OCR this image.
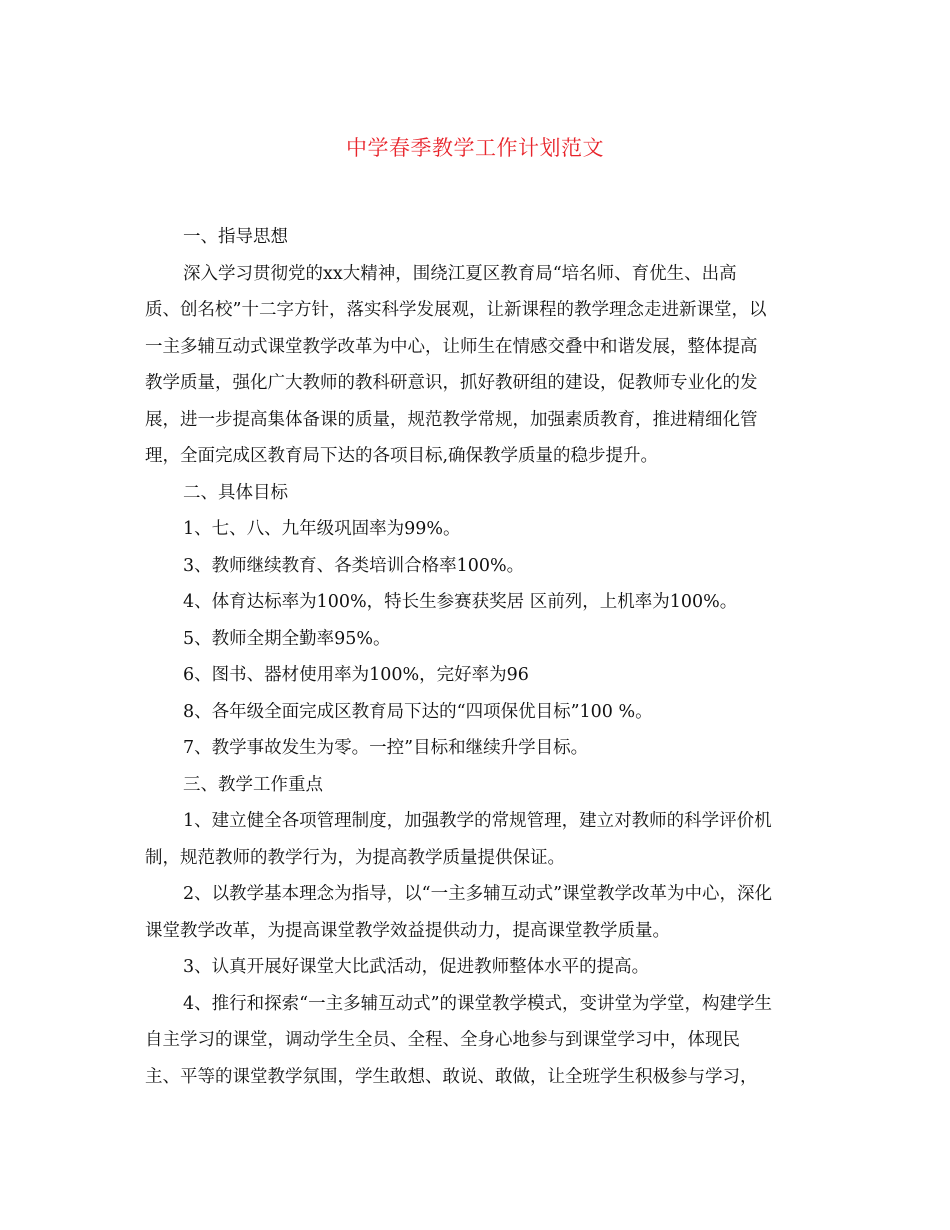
中学春季教学工作计划范文

一、指导思想

深入学习贯彻党的xx大精神，围绕江夏区教育局“培名师、育优生、出高
质、创名校”十二字方针，落实科学发展观，让新课程的教学理念走进新课堂，以
一主多辅互动式课堂教学改革为中心，让师生在情感交叠中和谐发展，整体提高
教学质量，强化广大教师的教科研意识，抓好教研组的建设，促教师专业化的发
展，进一步提高集体备课的质量，规范教学常规，加强素质教育，推进精细化管
理，全面完成区教育局下达的各项目标,确保教学质量的稳步提升。

二、具体目标

1、七、八、九年级巩固率为99%。

3、教师继续教育、各类培训合格率100%。

4、体育达标率为100%，特长生参赛获奖居 区前列，上机率为100%。

5、教师全期全勤率95%。

6、图书、器材使用率为100%，完好率为96

8、各年级全面完成区教育局下达的“四项保优目标”100 %。

7、教学事故发生为零。一控”目标和继续升学目标。

三、教学工作重点

1、建立健全各项管理制度，加强教学的常规管理，建立对教师的科学评价机
制，规范教师的教学行为，为提高教学质量提供保证。

2、以教学基本理念为指导，以“一主多辅互动式”课堂教学改革为中心，深化
课堂教学改革，为提高课堂教学效益提供动力，提高课堂教学质量。

3、认真开展好课堂大比武活动，促进教师整体水平的提高。

4、推行和探索“一主多辅互动式”的课堂教学模式，变讲堂为学堂，构建学生
自主学习的课堂，调动学生全员、全程、全身心地参与到课堂学习中，体现民
主、平等的课堂教学氛围，学生敢想、敢说、敢做，让全班学生积极参与学习，
